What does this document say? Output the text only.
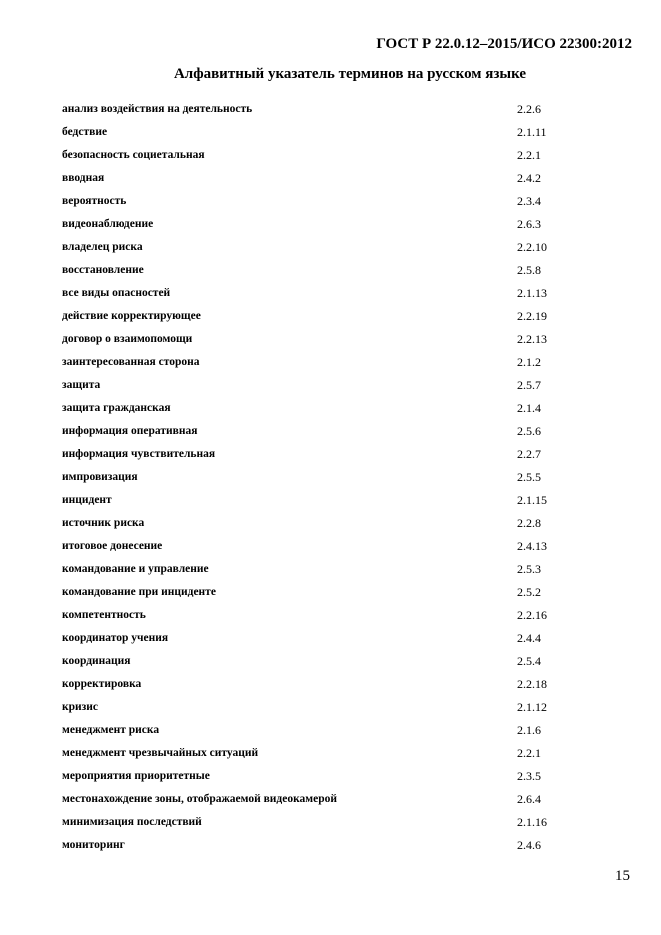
ГОСТ Р 22.0.12–2015/ИСО 22300:2012
Алфавитный указатель терминов на русском языке
анализ воздействия на деятельность	2.2.6
бедствие	2.1.11
безопасность социетальная	2.2.1
вводная	2.4.2
вероятность	2.3.4
видеонаблюдение	2.6.3
владелец риска	2.2.10
восстановление	2.5.8
все виды опасностей	2.1.13
действие корректирующее	2.2.19
договор о взаимопомощи	2.2.13
заинтересованная сторона	2.1.2
защита	2.5.7
защита гражданская	2.1.4
информация оперативная	2.5.6
информация чувствительная	2.2.7
импровизация	2.5.5
инцидент	2.1.15
источник риска	2.2.8
итоговое донесение	2.4.13
командование и управление	2.5.3
командование при инциденте	2.5.2
компетентность	2.2.16
координатор учения	2.4.4
координация	2.5.4
корректировка	2.2.18
кризис	2.1.12
менеджмент риска	2.1.6
менеджмент чрезвычайных ситуаций	2.2.1
мероприятия приоритетные	2.3.5
местонахождение зоны, отображаемой видеокамерой	2.6.4
минимизация последствий	2.1.16
мониторинг	2.4.6
15
